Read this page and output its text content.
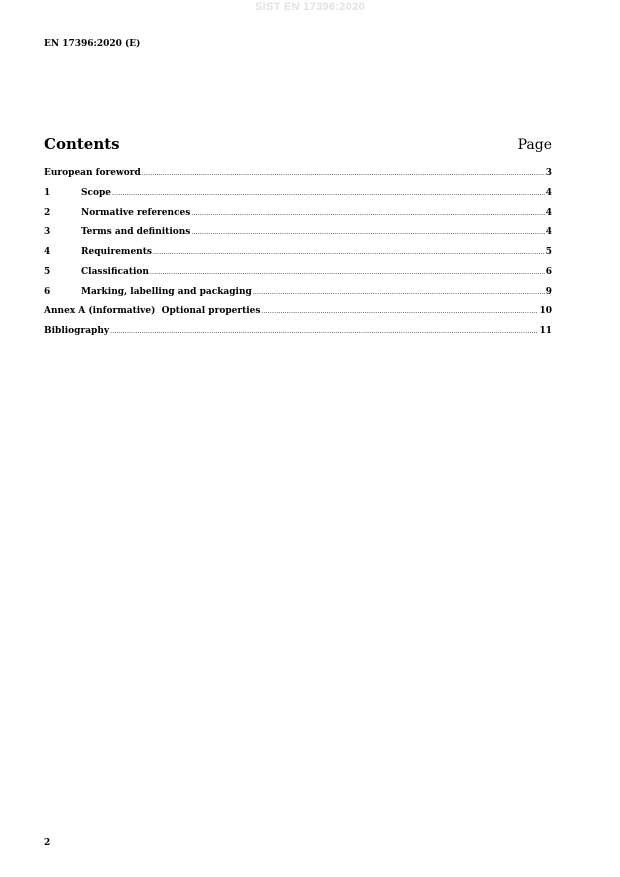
SIST EN 17396:2020
EN 17396:2020 (E)
Contents	Page
European foreword .....	3
1	Scope .....	4
2	Normative references .....	4
3	Terms and definitions .....	4
4	Requirements .....	5
5	Classification .....	6
6	Marking, labelling and packaging .....	9
Annex A (informative)  Optional properties .....	10
Bibliography .....	11
2
